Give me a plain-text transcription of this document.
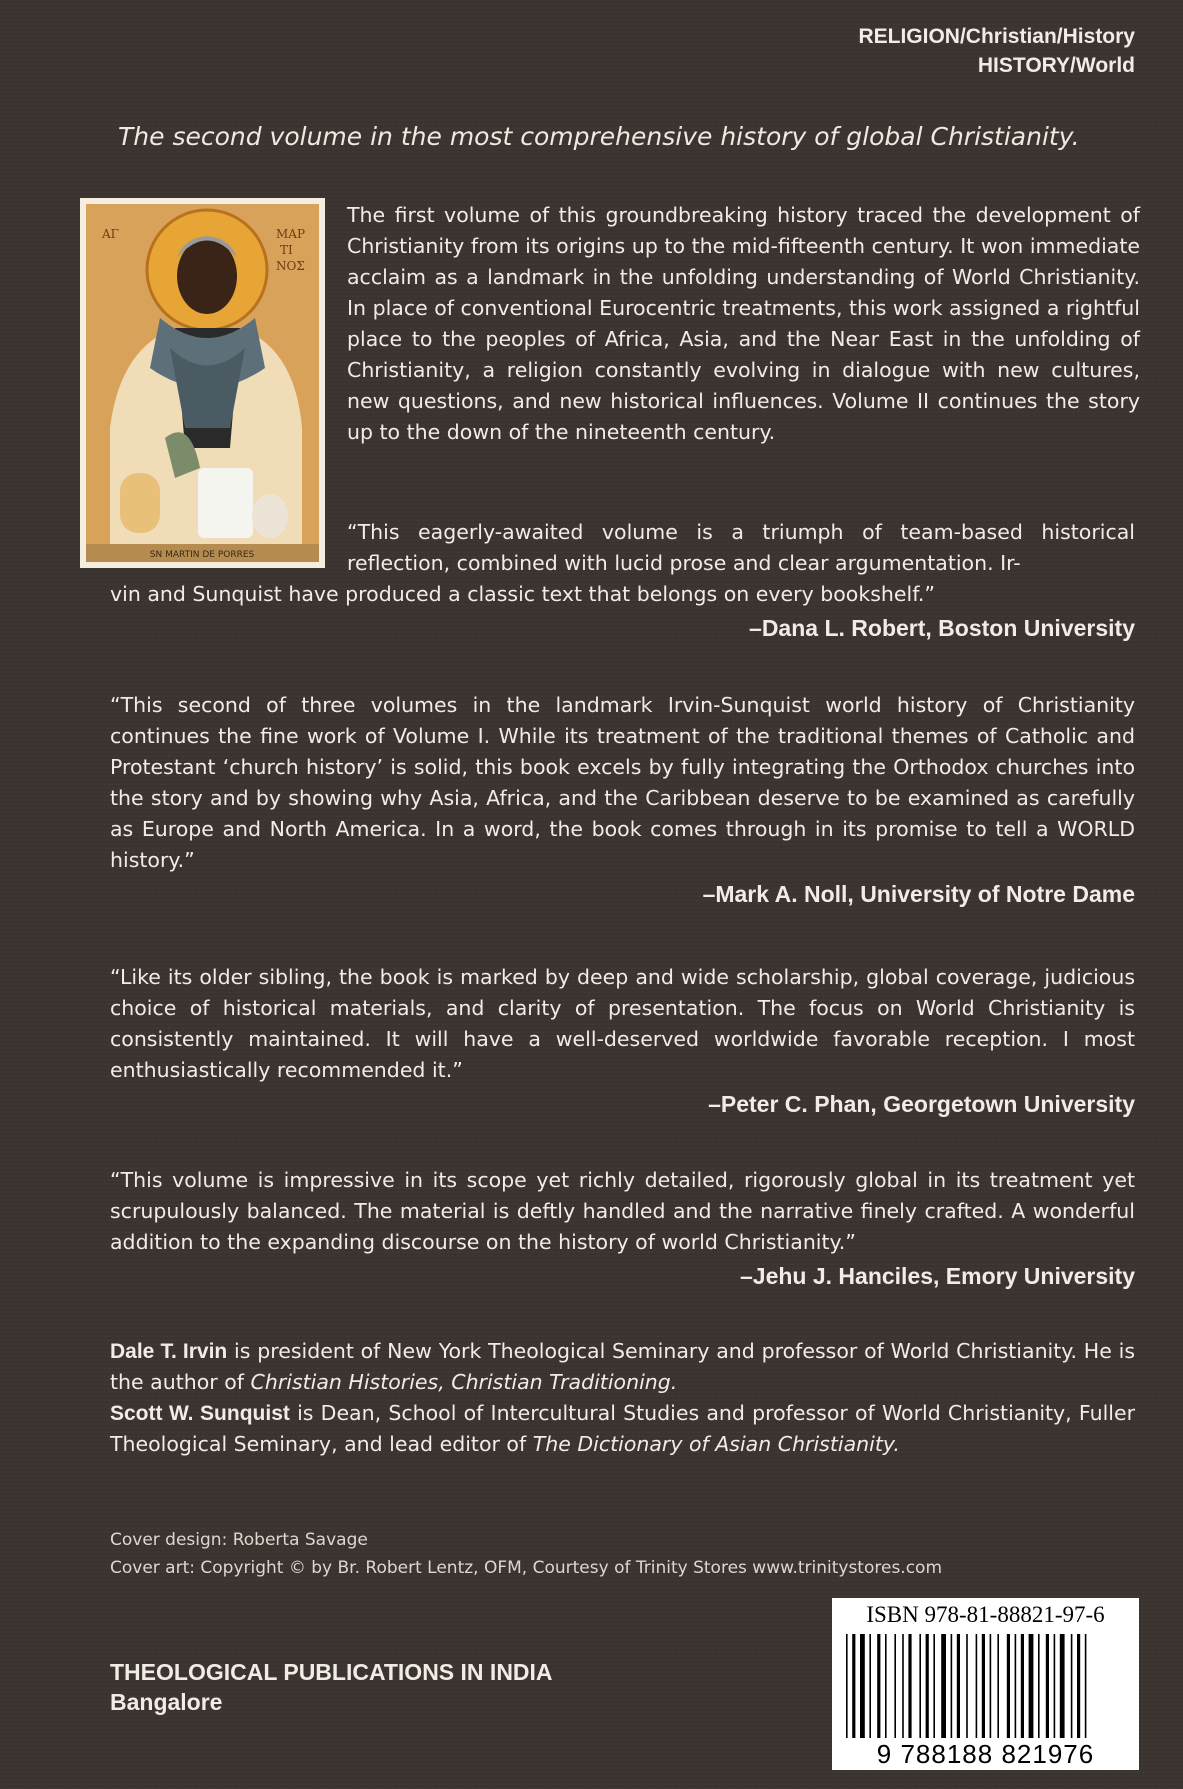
RELIGION/Christian/History
HISTORY/World
The second volume in the most comprehensive history of global Christianity.
SN MARTIN DE PORRES
ΑΓ	ΜΑΡ
ΤΙ
ΝΟΣ
The first volume of this groundbreaking history traced the development of Christianity from its origins up to the mid-fifteenth century. It won immediate acclaim as a landmark in the unfolding understanding of World Christianity. In place of conventional Eurocentric treatments, this work assigned a rightful place to the peoples of Africa, Asia, and the Near East in the unfolding of Christianity, a religion constantly evolving in dialogue with new cultures, new questions, and new historical influences. Volume II continues the story up to the down of the nineteenth century.
“This eagerly-awaited volume is a triumph of team-based historical reflection, combined with lucid prose and clear argumentation. Ir-
vin and Sunquist have produced a classic text that belongs on every bookshelf.”
–Dana L. Robert, Boston University
“This second of three volumes in the landmark Irvin-Sunquist world history of Christianity continues the fine work of Volume I. While its treatment of the traditional themes of Catholic and Protestant ‘church history’ is solid, this book excels by fully integrating the Orthodox churches into the story and by showing why Asia, Africa, and the Caribbean deserve to be examined as carefully as Europe and North America. In a word, the book comes through in its promise to tell a WORLD history.”
–Mark A. Noll, University of Notre Dame
“Like its older sibling, the book is marked by deep and wide scholarship, global coverage, judicious choice of historical materials, and clarity of presentation. The focus on World Christianity is consistently maintained. It will have a well-deserved worldwide favorable reception. I most enthusiastically recommended it.”
–Peter C. Phan, Georgetown University
“This volume is impressive in its scope yet richly detailed, rigorously global in its treatment yet scrupulously balanced. The material is deftly handled and the narrative finely crafted. A wonderful addition to the expanding discourse on the history of world Christianity.”
–Jehu J. Hanciles, Emory University
Dale T. Irvin is president of New York Theological Seminary and professor of World Christianity. He is the author of Christian Histories, Christian Traditioning.
Scott W. Sunquist is Dean, School of Intercultural Studies and professor of World Christianity, Fuller Theological Seminary, and lead editor of The Dictionary of Asian Christianity.
Cover design: Roberta Savage
Cover art: Copyright © by Br. Robert Lentz, OFM, Courtesy of Trinity Stores www.trinitystores.com
THEOLOGICAL PUBLICATIONS IN INDIA
Bangalore
ISBN 978-81-88821-97-6
9 788188 821976
